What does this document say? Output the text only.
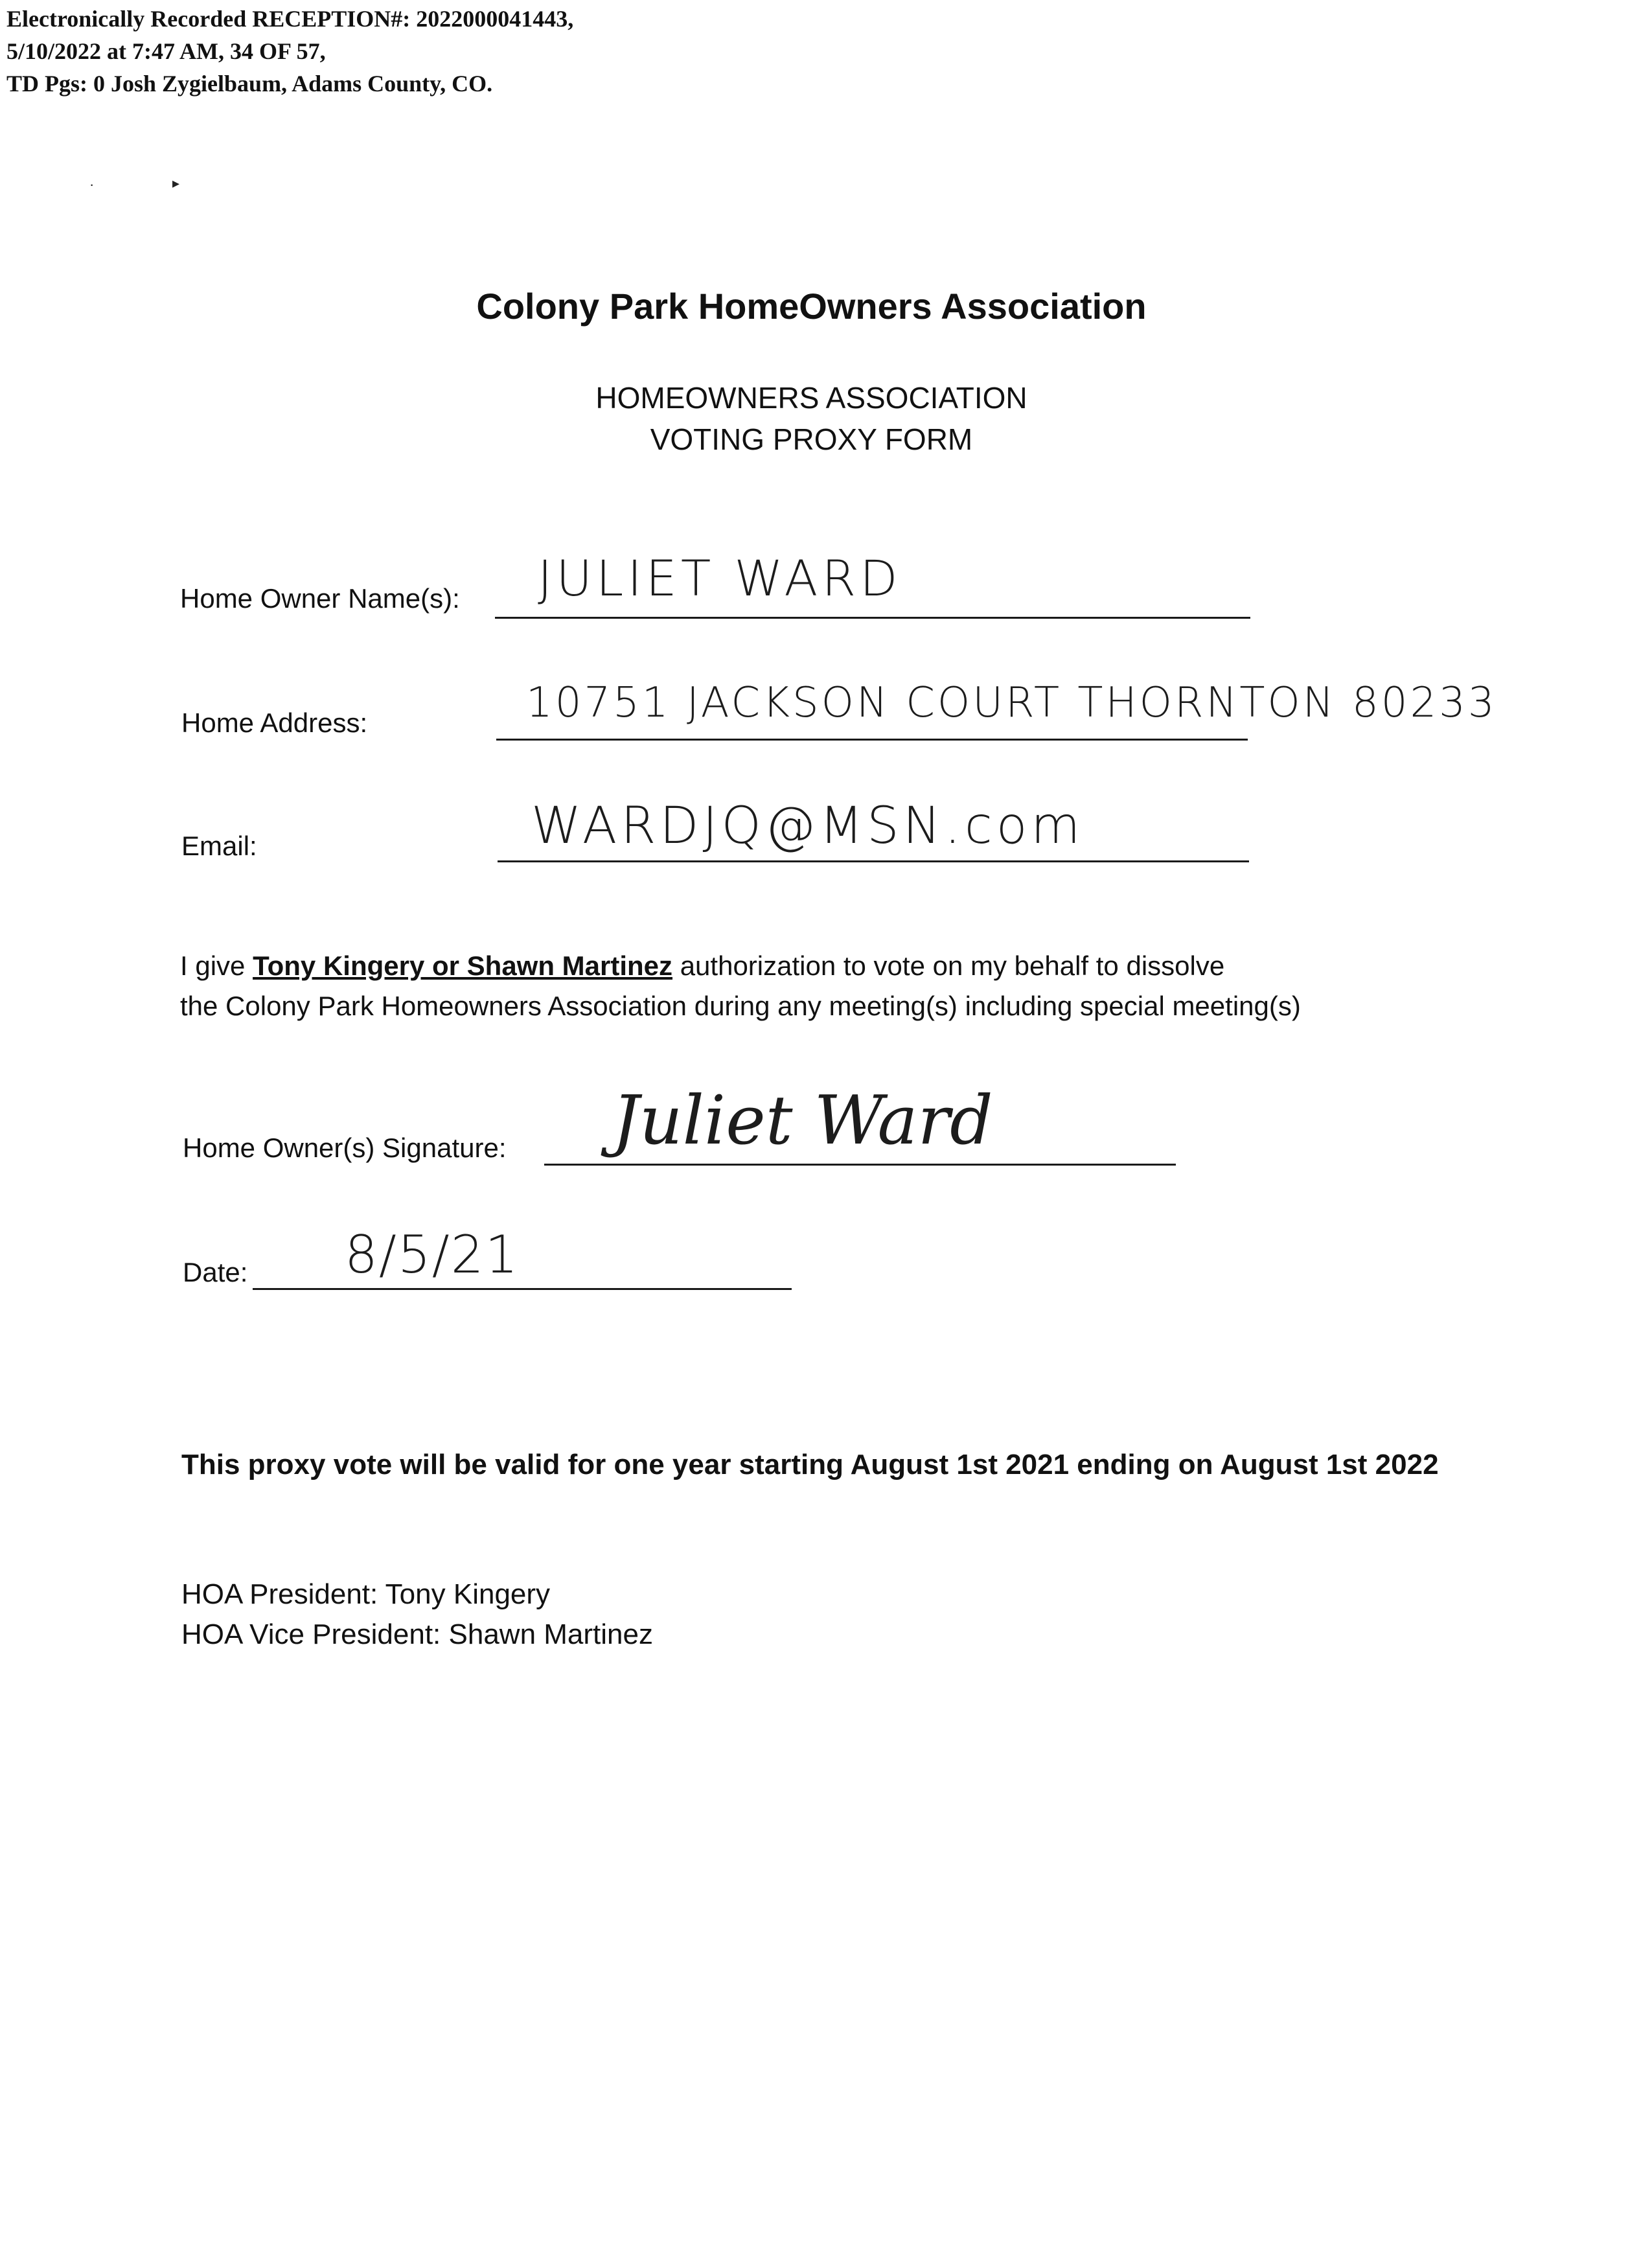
Electronically Recorded RECEPTION#: 2022000041443,
5/10/2022 at 7:47 AM, 34 OF 57,
TD Pgs: 0 Josh Zygielbaum, Adams County, CO.
·	▸
Colony Park HomeOwners Association
HOMEOWNERS ASSOCIATION
VOTING PROXY FORM
Home Owner Name(s): JULIET WARD
Home Address:	10751 JACKSON COURT THORNTON 80233
Email:	WARDJQ@MSN.com
I give Tony Kingery or Shawn Martinez authorization to vote on my behalf to dissolve
the Colony Park Homeowners Association during any meeting(s) including special meeting(s)
Home Owner(s) Signature: Juliet Ward
Date: 8/5/21
This proxy vote will be valid for one year starting August 1st 2021 ending on August 1st 2022
HOA President: Tony Kingery
HOA Vice President: Shawn Martinez
